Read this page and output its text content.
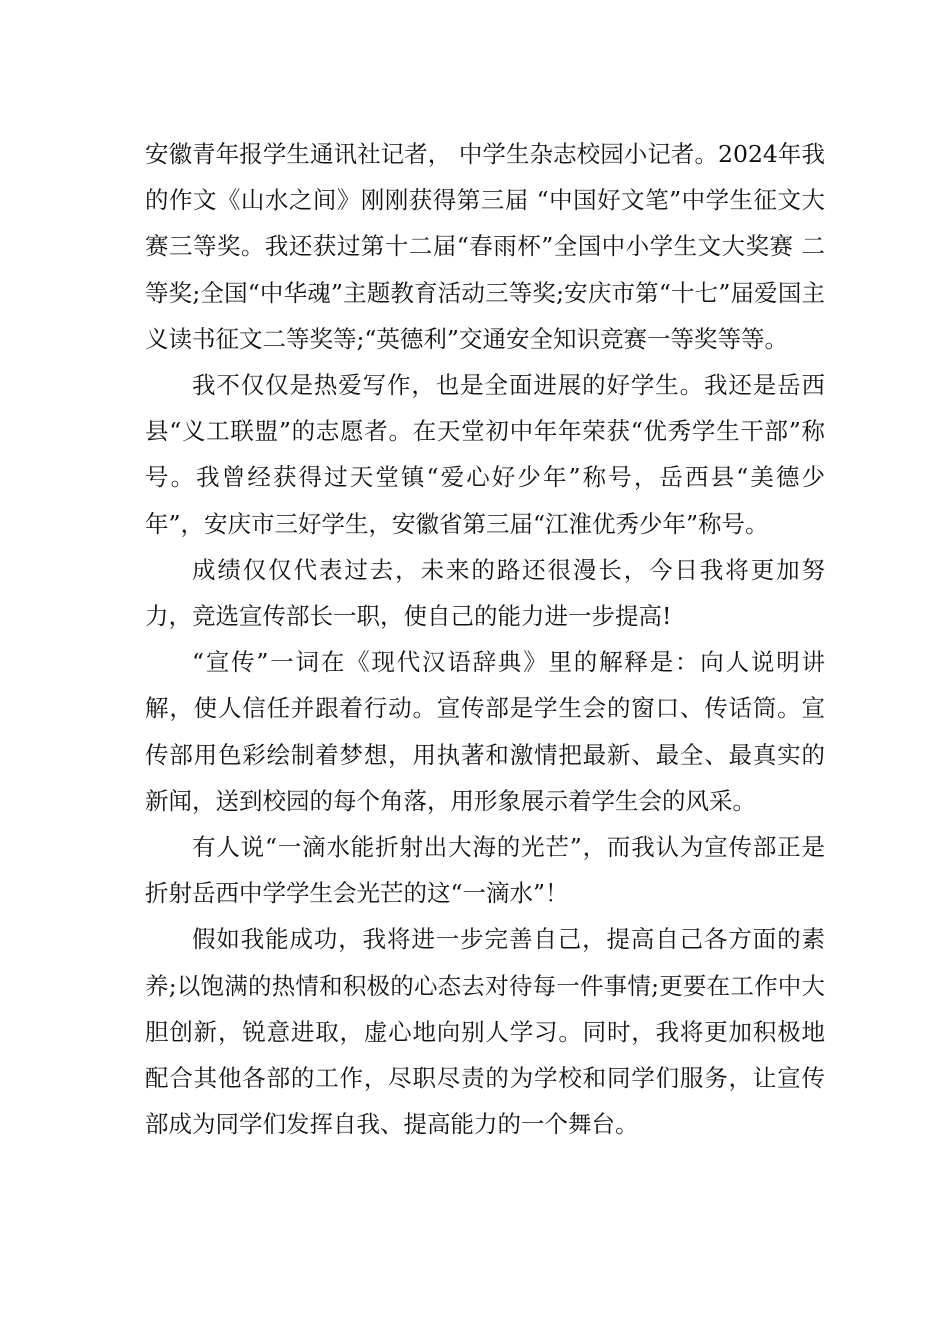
安徽青年报学生通讯社记者， 中学生杂志校园小记者。2024年我的作文《山水之间》刚刚获得第三届 “中国好文笔”中学生征文大赛三等奖。我还获过第十二届“春雨杯”全国中小学生文大奖赛 二等奖;全国“中华魂”主题教育活动三等奖;安庆市第“十七”届爱国主义读书征文二等奖等;“英德利”交通安全知识竞赛一等奖等等。

我不仅仅是热爱写作，也是全面进展的好学生。我还是岳西县“义工联盟”的志愿者。在天堂初中年年荣获“优秀学生干部”称号。我曾经获得过天堂镇“爱心好少年”称号，岳西县“美德少年”，安庆市三好学生，安徽省第三届“江淮优秀少年”称号。

成绩仅仅代表过去，未来的路还很漫长，今日我将更加努力，竞选宣传部长一职，使自己的能力进一步提高!

“宣传”一词在《现代汉语辞典》里的解释是：向人说明讲解，使人信任并跟着行动。宣传部是学生会的窗口、传话筒。宣传部用色彩绘制着梦想，用执著和激情把最新、最全、最真实的新闻，送到校园的每个角落，用形象展示着学生会的风采。

有人说“一滴水能折射出大海的光芒”，而我认为宣传部正是折射岳西中学学生会光芒的这“一滴水”！

假如我能成功，我将进一步完善自己，提高自己各方面的素养;以饱满的热情和积极的心态去对待每一件事情;更要在工作中大胆创新，锐意进取，虚心地向别人学习。同时，我将更加积极地配合其他各部的工作，尽职尽责的为学校和同学们服务，让宣传部成为同学们发挥自我、提高能力的一个舞台。
